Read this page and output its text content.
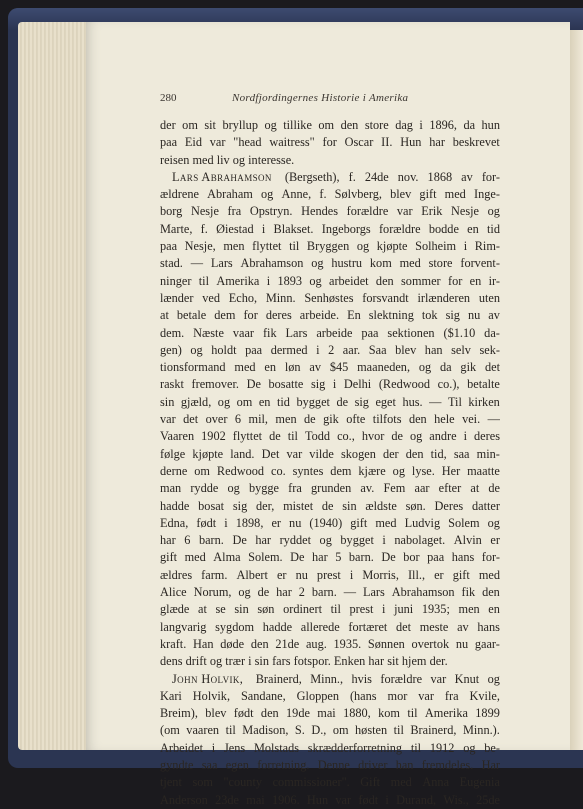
280	Nordfjordingernes Historie i Amerika
der om sit bryllup og tillike om den store dag i 1896, da hun
paa Eid var "head waitress" for Oscar II. Hun har beskrevet
reisen med liv og interesse.
Lars Abrahamson (Bergseth), f. 24de nov. 1868 av for-
ældrene Abraham og Anne, f. Sølvberg, blev gift med Inge-
borg Nesje fra Opstryn. Hendes forældre var Erik Nesje og
Marte, f. Øiestad i Blakset. Ingeborgs forældre bodde en tid
paa Nesje, men flyttet til Bryggen og kjøpte Solheim i Rim-
stad. — Lars Abrahamson og hustru kom med store forvent-
ninger til Amerika i 1893 og arbeidet den sommer for en ir-
lænder ved Echo, Minn. Senhøstes forsvandt irlænderen uten
at betale dem for deres arbeide. En slektning tok sig nu av
dem. Næste vaar fik Lars arbeide paa sektionen ($1.10 da-
gen) og holdt paa dermed i 2 aar. Saa blev han selv sek-
tionsformand med en løn av $45 maaneden, og da gik det
raskt fremover. De bosatte sig i Delhi (Redwood co.), betalte
sin gjæld, og om en tid bygget de sig eget hus. — Til kirken
var det over 6 mil, men de gik ofte tilfots den hele vei. —
Vaaren 1902 flyttet de til Todd co., hvor de og andre i deres
følge kjøpte land. Det var vilde skogen der den tid, saa min-
derne om Redwood co. syntes dem kjære og lyse. Her maatte
man rydde og bygge fra grunden av. Fem aar efter at de
hadde bosat sig der, mistet de sin ældste søn. Deres datter
Edna, født i 1898, er nu (1940) gift med Ludvig Solem og
har 6 barn. De har ryddet og bygget i nabolaget. Alvin er
gift med Alma Solem. De har 5 barn. De bor paa hans for-
ældres farm. Albert er nu prest i Morris, Ill., er gift med
Alice Norum, og de har 2 barn. — Lars Abrahamson fik den
glæde at se sin søn ordinert til prest i juni 1935; men en
langvarig sygdom hadde allerede fortæret det meste av hans
kraft. Han døde den 21de aug. 1935. Sønnen overtok nu gaar-
dens drift og trær i sin fars fotspor. Enken har sit hjem der.
John Holvik, Brainerd, Minn., hvis forældre var Knut og
Kari Holvik, Sandane, Gloppen (hans mor var fra Kvile,
Breim), blev født den 19de mai 1880, kom til Amerika 1899
(om vaaren til Madison, S. D., om høsten til Brainerd, Minn.).
Arbeidet i Jens Molstads skrædderforretning til 1912 og be-
gyndte saa egen forretning. Denne driver han fremdeles. Har
tjent som "county commissioner". Gift med Anna Eugenia
Anderson 23de mai 1906. Hun var født i Durand, Wis., 25de
